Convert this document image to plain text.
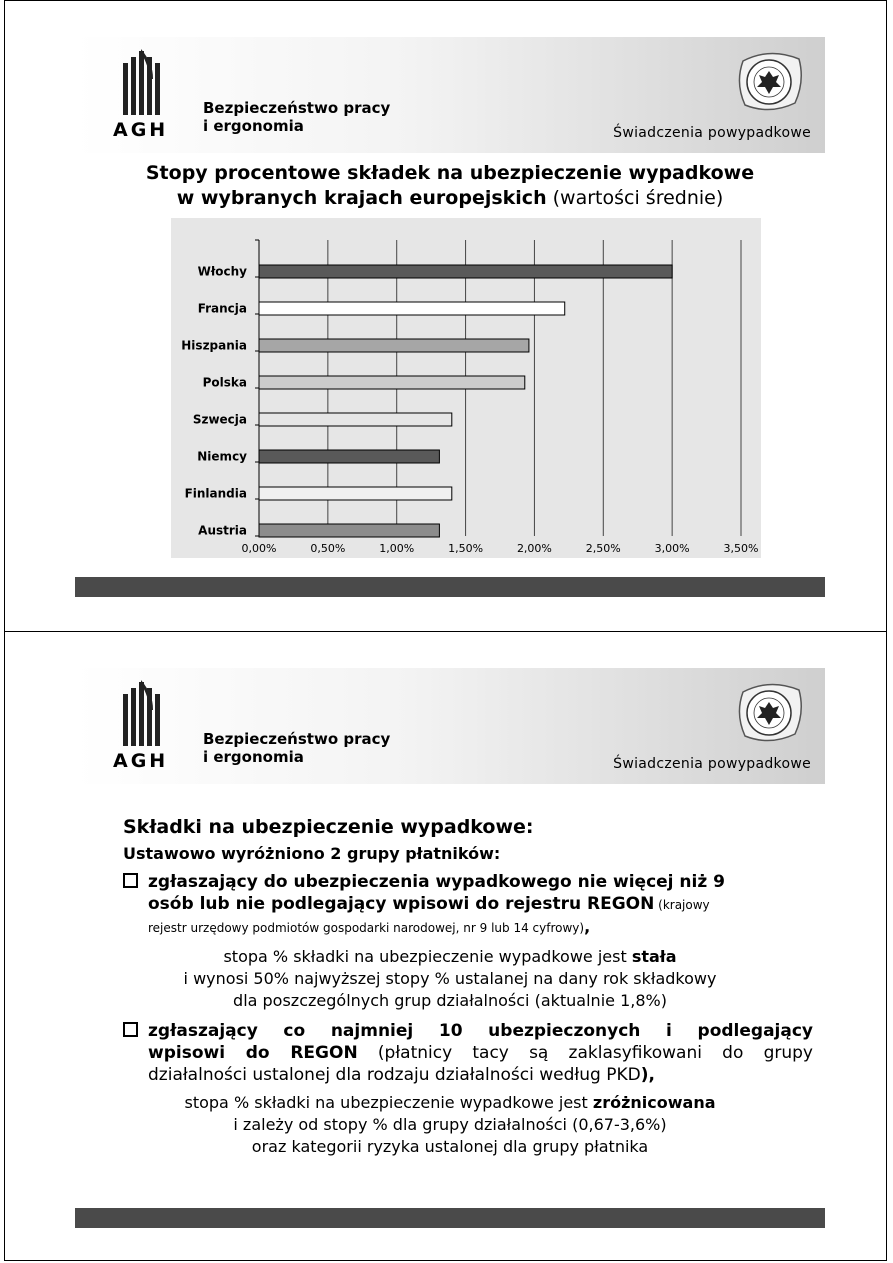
AGH
Bezpieczeństwo pracy
i ergonomia	Świadczenia powypadkowe
Stopy procentowe składek na ubezpieczenie wypadkowe
w wybranych krajach europejskich (wartości średnie)
Włochy
Francja
Hiszpania
Polska
Szwecja
Niemcy
Finlandia
Austria
0,00%	0,50%	1,00%	1,50%	2,00%	2,50%	3,00%	3,50%
AGH
Bezpieczeństwo pracy
i ergonomia	Świadczenia powypadkowe
Składki na ubezpieczenie wypadkowe:
Ustawowo wyróżniono 2 grupy płatników:
zgłaszający do ubezpieczenia wypadkowego nie więcej niż 9
osób lub nie podlegający wpisowi do rejestru REGON (krajowy
rejestr urzędowy podmiotów gospodarki narodowej, nr 9 lub 14 cyfrowy),
stopa % składki na ubezpieczenie wypadkowe jest stała
i wynosi 50% najwyższej stopy % ustalanej na dany rok składkowy
dla poszczególnych grup działalności (aktualnie 1,8%)
zgłaszający co najmniej 10 ubezpieczonych i podlegający
wpisowi do REGON (płatnicy tacy są zaklasyfikowani do grupy
działalności ustalonej dla rodzaju działalności według PKD),
stopa % składki na ubezpieczenie wypadkowe jest zróżnicowana
i zależy od stopy % dla grupy działalności (0,67-3,6%)
oraz kategorii ryzyka ustalonej dla grupy płatnika
